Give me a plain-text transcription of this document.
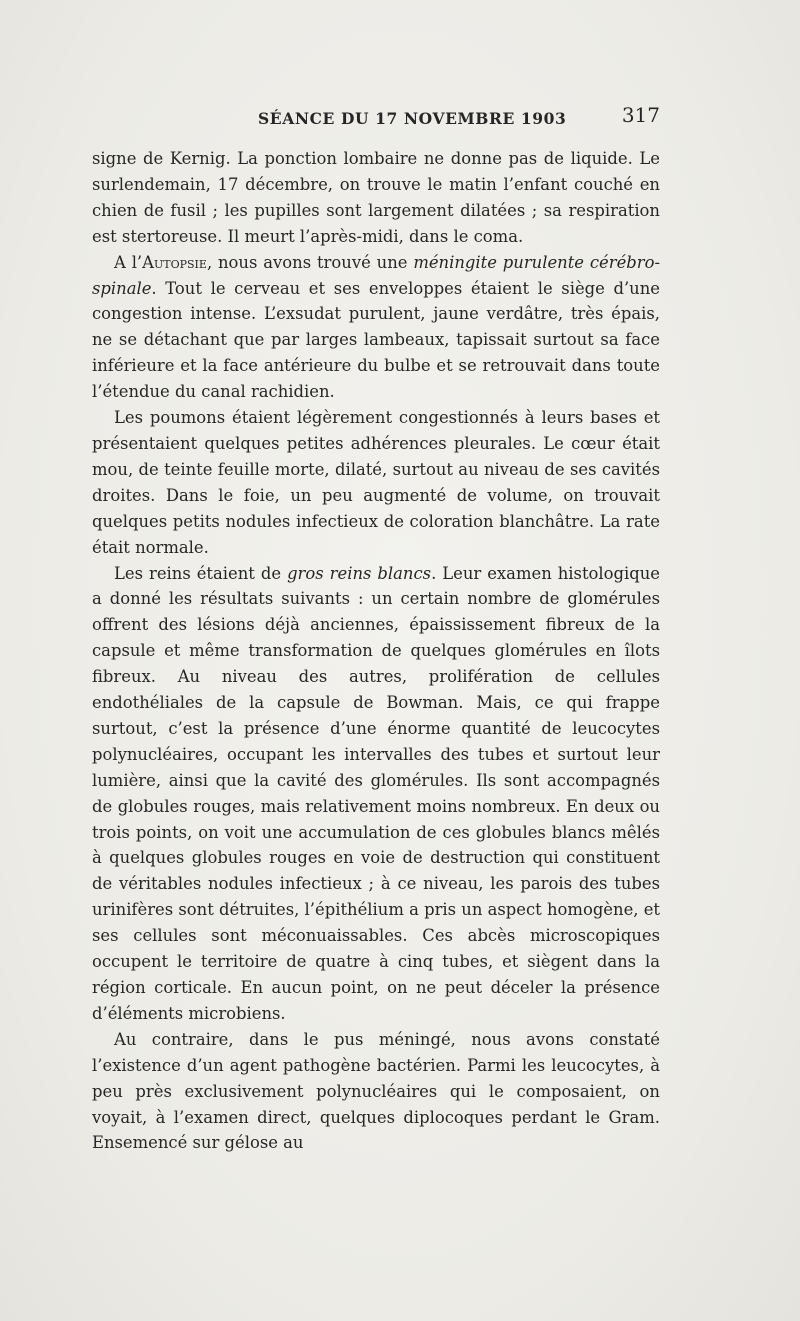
SÉANCE DU 17 NOVEMBRE 1903	317

signe de Kernig. La ponction lombaire ne donne pas de liquide. Le surlendemain, 17 décembre, on trouve le matin l’enfant couché en chien de fusil ; les pupilles sont largement dilatées ; sa respiration est stertoreuse. Il meurt l’après-midi, dans le coma.

A l’Autopsie, nous avons trouvé une méningite purulente cérébro-spinale. Tout le cerveau et ses enveloppes étaient le siège d’une congestion intense. L’exsudat purulent, jaune verdâtre, très épais, ne se détachant que par larges lambeaux, tapissait surtout sa face inférieure et la face antérieure du bulbe et se retrouvait dans toute l’étendue du canal rachidien.

Les poumons étaient légèrement congestionnés à leurs bases et présentaient quelques petites adhérences pleurales. Le cœur était mou, de teinte feuille morte, dilaté, surtout au niveau de ses cavités droites. Dans le foie, un peu augmenté de volume, on trouvait quelques petits nodules infectieux de coloration blanchâtre. La rate était normale.

Les reins étaient de gros reins blancs. Leur examen histologique a donné les résultats suivants : un certain nombre de glomérules offrent des lésions déjà anciennes, épaississement fibreux de la capsule et même transformation de quelques glomérules en îlots fibreux. Au niveau des autres, prolifération de cellules endothéliales de la capsule de Bowman. Mais, ce qui frappe surtout, c’est la présence d’une énorme quantité de leucocytes polynucléaires, occupant les intervalles des tubes et surtout leur lumière, ainsi que la cavité des glomérules. Ils sont accompagnés de globules rouges, mais relativement moins nombreux. En deux ou trois points, on voit une accumulation de ces globules blancs mêlés à quelques globules rouges en voie de destruction qui constituent de véritables nodules infectieux ; à ce niveau, les parois des tubes urinifères sont détruites, l’épithélium a pris un aspect homogène, et ses cellules sont méconuaissables. Ces abcès microscopiques occupent le territoire de quatre à cinq tubes, et siègent dans la région corticale. En aucun point, on ne peut déceler la présence d’éléments microbiens.

Au contraire, dans le pus méningé, nous avons constaté l’existence d’un agent pathogène bactérien. Parmi les leucocytes, à peu près exclusivement polynucléaires qui le composaient, on voyait, à l’examen direct, quelques diplocoques perdant le Gram. Ensemencé sur gélose au
